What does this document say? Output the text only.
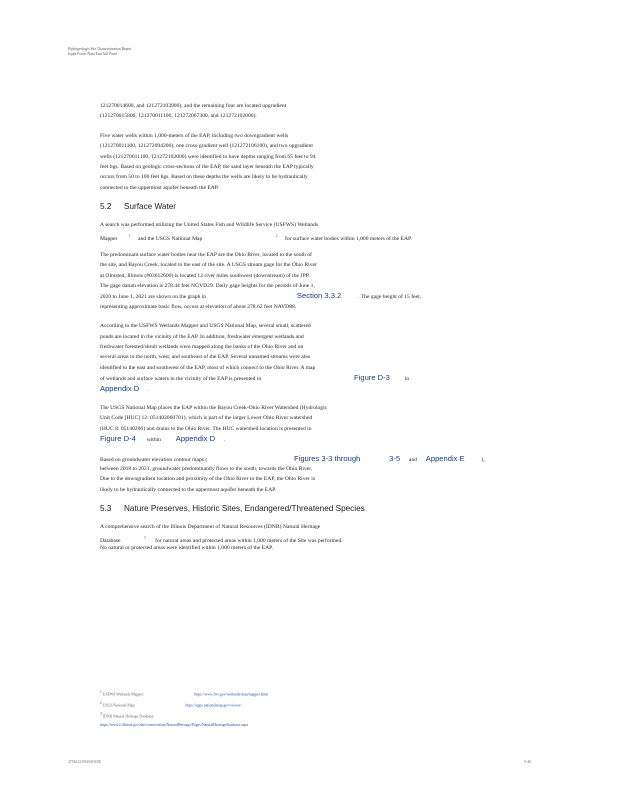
Hydrogeologic Site Characterization Report
Joppa Power Plant East Ash Pond
121270014600, and 121272103900), and the remaining four are located upgradient
(121270015800, 121270011100, 121272067300, and 121272102000).
Five water wells within 1,000-meters of the EAP, including two downgradient wells
(121270011100, 121272094200), one cross-gradient well (121272106100), and two upgradient
wells (121270011100, 121272102000) were identified to have depths ranging from 65 feet to 94
feet bgs. Based on geologic cross-sections of the EAP, the sand layer beneath the EAP typically
occurs from 50 to 100 feet bgs. Based on these depths the wells are likely to be hydraulically
connected to the uppermost aquifer beneath the EAP.
5.2 Surface Water
A search was performed utilizing the United States Fish and Wildlife Service (USFWS) Wetlands
Mapper	$^1$ and the USGS National Map	$^2$ for surface water bodies within 1,000 meters of the EAP.
The predominant surface water bodies near the EAP are the Ohio River, located to the south of
the site, and Bayou Creek, located to the east of the site. A USGS stream gage for the Ohio River
at Olmsted, Illinois (#03612600) is located 12 river miles southwest (downstream) of the JPP.
The gage datum elevation is 278.44 feet NGVD29. Daily gage heights for the periods of June 1,
2020 to June 1, 2021 are shown on the graph in	Section 3.3.2	. The gage height of 15 feet,
representing approximate basic flow, occurs at elevation of about 278.62 feet NAVD88.
According to the USFWS Wetlands Mapper and USGS National Map, several small, scattered
ponds are located in the vicinity of the EAP. In addition, freshwater emergent wetlands and
freshwater forested/shrub wetlands were mapped along the banks of the Ohio River and on
several areas to the north, west, and southeast of the EAP. Several unnamed streams were also
identified to the east and southwest of the EAP, most of which connect to the Ohio River. A map
of wetlands and surface waters in the vicinity of the EAP is presented in	Figure D-3	in
Appendix D .
The USGS National Map places the EAP within the Bayou Creek-Ohio River Watershed (Hydrologic
Unit Code [HUC] 12: 051402060701), which is part of the larger Lower Ohio River watershed
(HUC 8: 05140206) and drains to the Ohio River. The HUC watershed location is presented in
Figure D-4 within Appendix D .
Based on groundwater elevation contour maps (	Figures 3-3 through	3-5 and Appendix E	),
between 2018 to 2021, groundwater predominantly flows to the south, towards the Ohio River.
Due to the downgradient location and proximity of the Ohio River to the EAP, the Ohio River is
likely to be hydraulically connected to the uppermost aquifer beneath the EAP.
5.3 Nature Preserves, Historic Sites, Endangered/Threatened Species
A comprehensive search of the Illinois Department of Natural Resources (IDNR) Natural Heritage
Database	$^3$ for natural areas and protected areas within 1,000 meters of the Site was performed.
No natural or protected areas were identified within 1,000 meters of the EAP.
1 USFWS Wetlands Mapper:	https://www.fws.gov/wetlands/data/mapper.html
2 USGS National Map:	https://apps.nationalmap.gov/viewer/
3 IDNR Natural Heritage Database:
https://www2.illinois.gov/dnr/conservation/NaturalHeritage/Pages/NaturalHeritageDatabase.aspx
3756112.0943/6/9/2E	5-46
